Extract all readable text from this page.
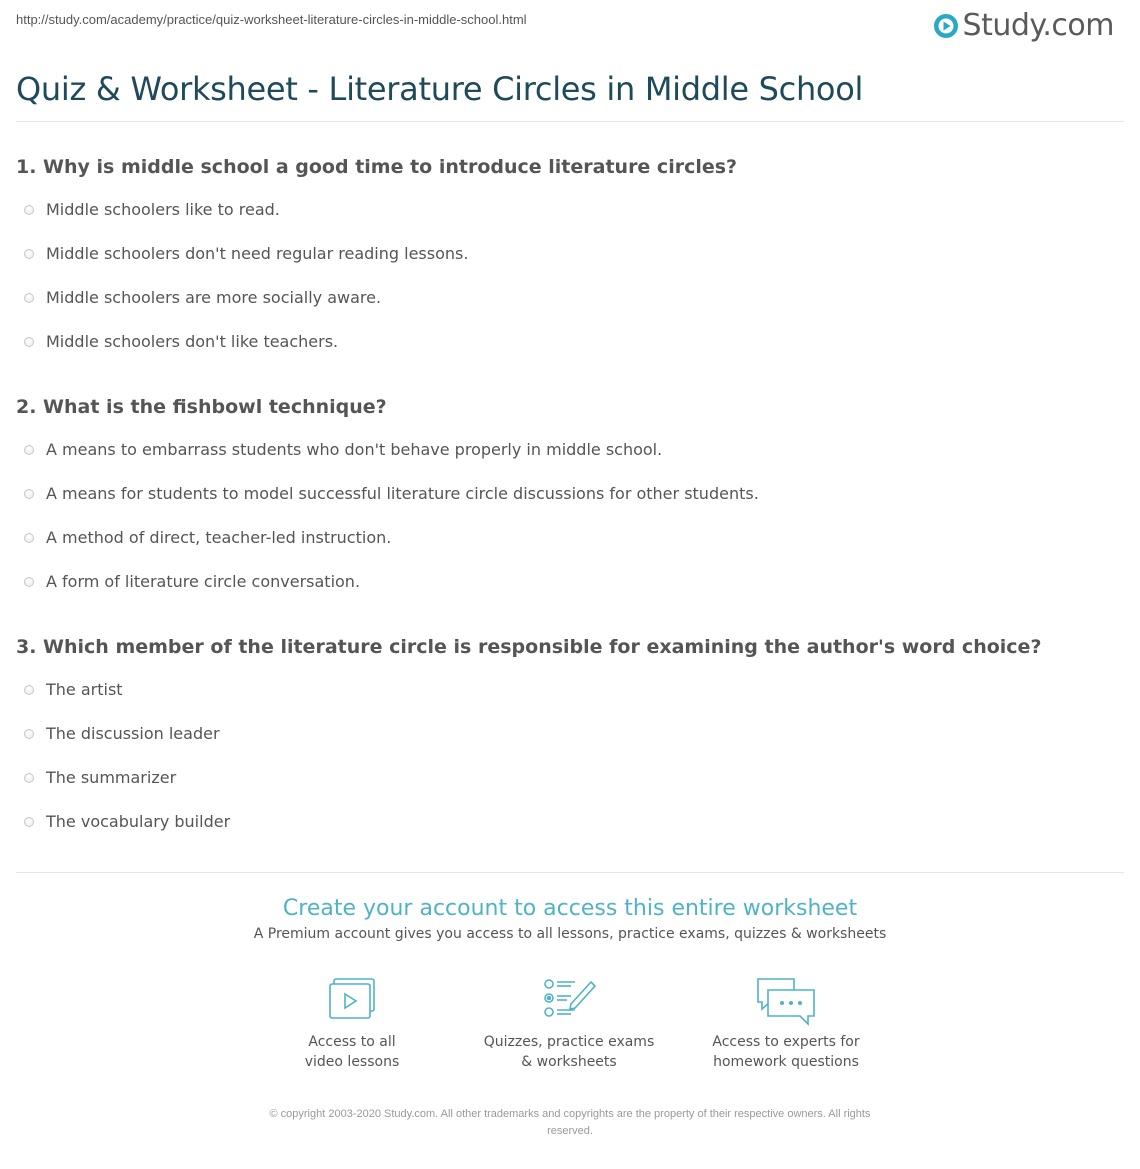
http://study.com/academy/practice/quiz-worksheet-literature-circles-in-middle-school.html	Study.com
Quiz & Worksheet - Literature Circles in Middle School
1. Why is middle school a good time to introduce literature circles?
Middle schoolers like to read.
Middle schoolers don't need regular reading lessons.
Middle schoolers are more socially aware.
Middle schoolers don't like teachers.
2. What is the fishbowl technique?
A means to embarrass students who don't behave properly in middle school.
A means for students to model successful literature circle discussions for other students.
A method of direct, teacher-led instruction.
A form of literature circle conversation.
3. Which member of the literature circle is responsible for examining the author's word choice?
The artist
The discussion leader
The summarizer
The vocabulary builder
Create your account to access this entire worksheet
A Premium account gives you access to all lessons, practice exams, quizzes & worksheets
Access to all
video lessons
Quizzes, practice exams
& worksheets
Access to experts for
homework questions
© copyright 2003-2020 Study.com. All other trademarks and copyrights are the property of their respective owners. All rights
reserved.
